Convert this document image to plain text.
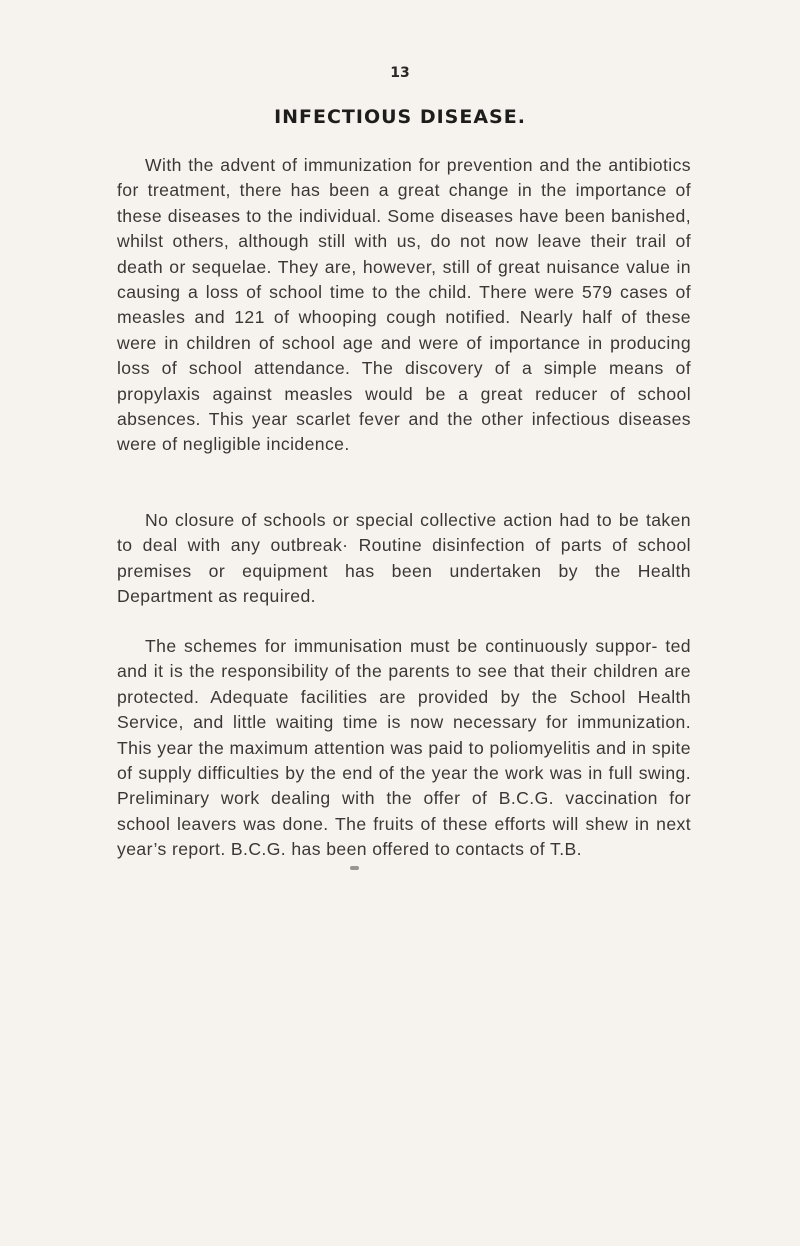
13
INFECTIOUS DISEASE.

With the advent of immunization for prevention and the antibiotics for treatment, there has been a great change in the importance of these diseases to the individual. Some diseases have been banished, whilst others, although still with us, do not now leave their trail of death or sequelae. They are, however, still of great nuisance value in causing a loss of school time to the child. There were 579 cases of measles and 121 of whooping cough notified. Nearly half of these were in children of school age and were of importance in producing loss of school attendance. The discovery of a simple means of propylaxis against measles would be a great reducer of school absences. This year scarlet fever and the other infectious diseases were of negligible incidence.

No closure of schools or special collective action had to be taken to deal with any outbreak· Routine disinfection of parts of school premises or equipment has been undertaken by the Health Department as required.

The schemes for immunisation must be continuously suppor- ted and it is the responsibility of the parents to see that their children are protected. Adequate facilities are provided by the School Health Service, and little waiting time is now necessary for immunization. This year the maximum attention was paid to poliomyelitis and in spite of supply difficulties by the end of the year the work was in full swing. Preliminary work dealing with the offer of B.C.G. vaccination for school leavers was done. The fruits of these efforts will shew in next year’s report. B.C.G. has been offered to contacts of T.B.
